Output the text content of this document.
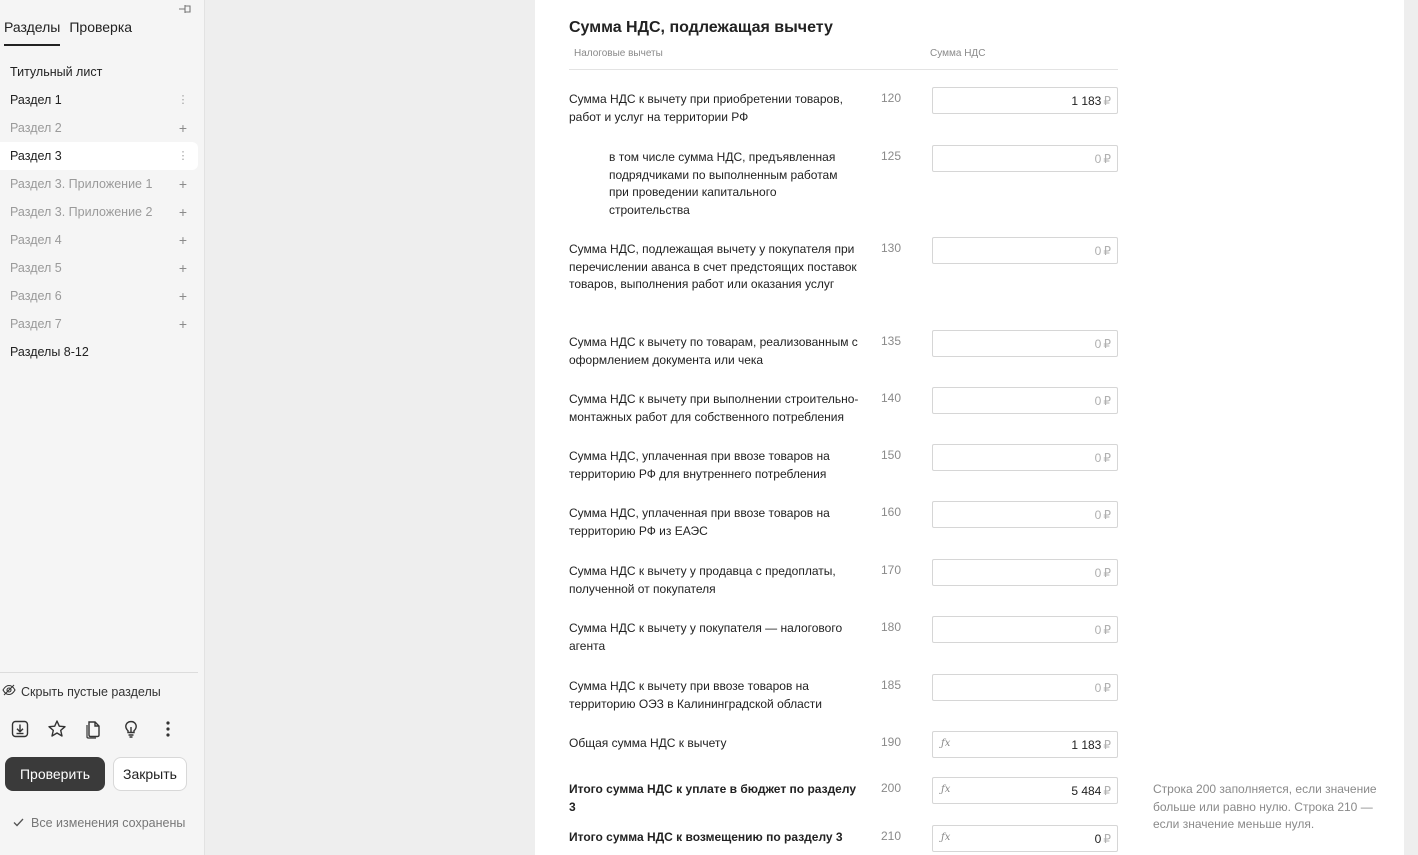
Разделы Проверка
Титульный лист
Раздел 1	⋮
Раздел 2	+
Раздел 3	⋮
Раздел 3. Приложение 1 +
Раздел 3. Приложение 2 +
Раздел 4	+
Раздел 5	+
Раздел 6	+
Раздел 7	+
Разделы 8-12
Скрыть пустые разделы
Проверить	Закрыть
Все изменения сохранены
Сумма НДС, подлежащая вычету
Налоговые вычеты	Сумма НДС
Строка 200 заполняется, если значение больше или равно нулю. Строка 210 — если значение меньше нуля.
Сумма НДС к вычету при приобретении товаров, работ и услуг на территории РФ
120	1 183 ₽
в том числе сумма НДС, предъявленная подрядчиками по выполненным работам при проведении капитального строительства
125	0 ₽
Сумма НДС, подлежащая вычету у покупателя при перечислении аванса в счет предстоящих поставок товаров, выполнения работ или оказания услуг
130	0 ₽
Сумма НДС к вычету по товарам, реализованным с оформлением документа или чека
135	0 ₽
Сумма НДС к вычету при выполнении строительно-монтажных работ для собственного потребления
140	0 ₽
Сумма НДС, уплаченная при ввозе товаров на территорию РФ для внутреннего потребления
150	0 ₽
Сумма НДС, уплаченная при ввозе товаров на территорию РФ из ЕАЭС
160	0 ₽
Сумма НДС к вычету у продавца с предоплаты, полученной от покупателя
170	0 ₽
Сумма НДС к вычету у покупателя — налогового агента
180	0 ₽
Сумма НДС к вычету при ввозе товаров на территорию ОЭЗ в Калининградской области
185	0 ₽
Общая сумма НДС к вычету	190	ƒx	1 183 ₽
Итого сумма НДС к уплате в бюджет по разделу 3
200	ƒx	5 484 ₽
Итого сумма НДС к возмещению по разделу 3	210	ƒx	0 ₽
